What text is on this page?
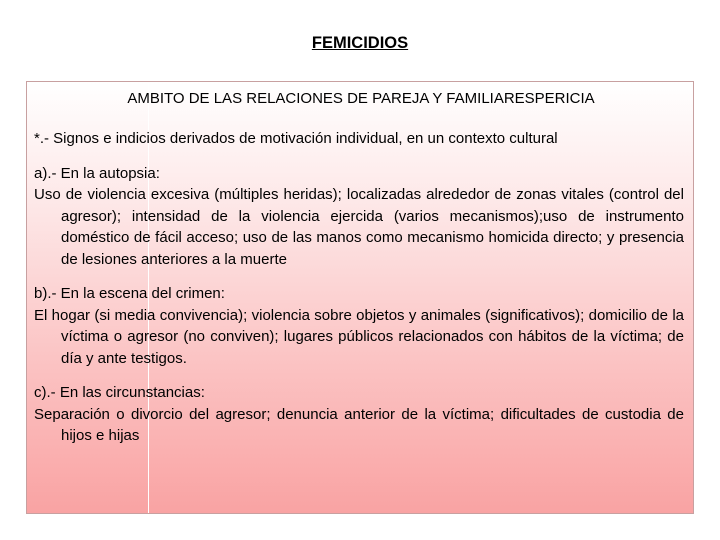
FEMICIDIOS
AMBITO DE LAS RELACIONES DE PAREJA Y FAMILIARESPERICIA

*.- Signos e indicios derivados de motivación individual, en un contexto cultural

a).- En la autopsia:

Uso de violencia excesiva (múltiples heridas); localizadas alrededor de zonas vitales (control del agresor); intensidad de la violencia ejercida (varios mecanismos);uso de instrumento doméstico de fácil acceso; uso de las manos como mecanismo homicida directo; y presencia de lesiones anteriores a la muerte

b).- En la escena del crimen:

El hogar (si media convivencia); violencia sobre objetos y animales (significativos); domicilio de la víctima o agresor (no conviven); lugares públicos relacionados con hábitos de la víctima; de día y ante testigos.

c).- En las circunstancias:

Separación o divorcio del agresor; denuncia anterior de la víctima; dificultades de custodia de hijos e hijas
